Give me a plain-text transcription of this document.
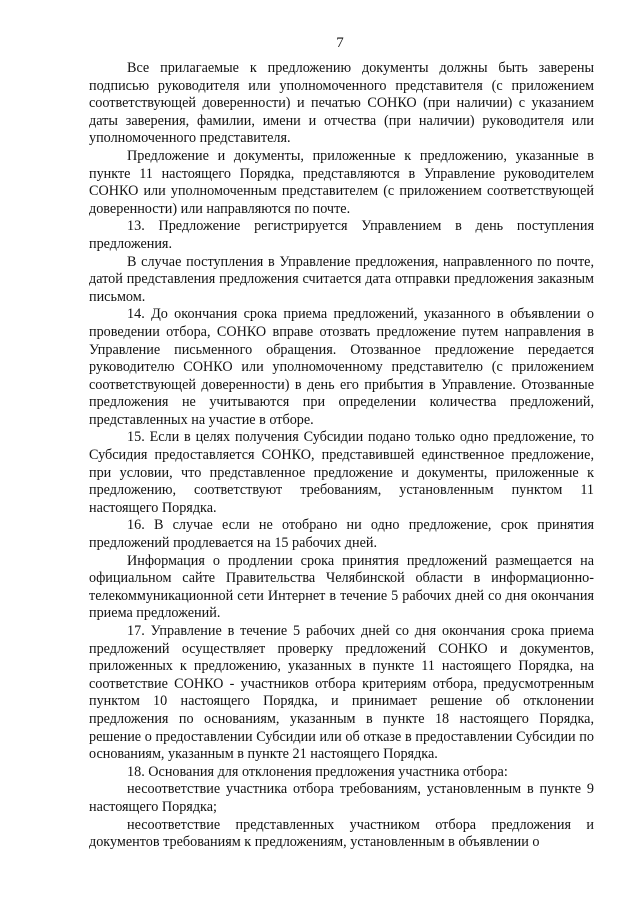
7

Все прилагаемые к предложению документы должны быть заверены подписью руководителя или уполномоченного представителя (с приложением соответствующей доверенности) и печатью СОНКО (при наличии) с указанием даты заверения, фамилии, имени и отчества (при наличии) руководителя или уполномоченного представителя.

Предложение и документы, приложенные к предложению, указанные в пункте 11 настоящего Порядка, представляются в Управление руководителем СОНКО или уполномоченным представителем (с приложением соответствующей доверенности) или направляются по почте.

13. Предложение регистрируется Управлением в день поступления предложения.

В случае поступления в Управление предложения, направленного по почте, датой представления предложения считается дата отправки предложения заказным письмом.

14. До окончания срока приема предложений, указанного в объявлении о проведении отбора, СОНКО вправе отозвать предложение путем направления в Управление письменного обращения. Отозванное предложение передается руководителю СОНКО или уполномоченному представителю (с приложением соответствующей доверенности) в день его прибытия в Управление. Отозванные предложения не учитываются при определении количества предложений, представленных на участие в отборе.

15. Если в целях получения Субсидии подано только одно предложение, то Субсидия предоставляется СОНКО, представившей единственное предложение, при условии, что представленное предложение и документы, приложенные к предложению, соответствуют требованиям, установленным пунктом 11 настоящего Порядка.

16. В случае если не отобрано ни одно предложение, срок принятия предложений продлевается на 15 рабочих дней.

Информация о продлении срока принятия предложений размещается на официальном сайте Правительства Челябинской области в информационно-телекоммуникационной сети Интернет в течение 5 рабочих дней со дня окончания приема предложений.

17. Управление в течение 5 рабочих дней со дня окончания срока приема предложений осуществляет проверку предложений СОНКО и документов, приложенных к предложению, указанных в пункте 11 настоящего Порядка, на соответствие СОНКО - участников отбора критериям отбора, предусмотренным пунктом 10 настоящего Порядка, и принимает решение об отклонении предложения по основаниям, указанным в пункте 18 настоящего Порядка, решение о предоставлении Субсидии или об отказе в предоставлении Субсидии по основаниям, указанным в пункте 21 настоящего Порядка.

18. Основания для отклонения предложения участника отбора:

несоответствие участника отбора требованиям, установленным в пункте 9 настоящего Порядка;

несоответствие представленных участником отбора предложения и документов требованиям к предложениям, установленным в объявлении о
